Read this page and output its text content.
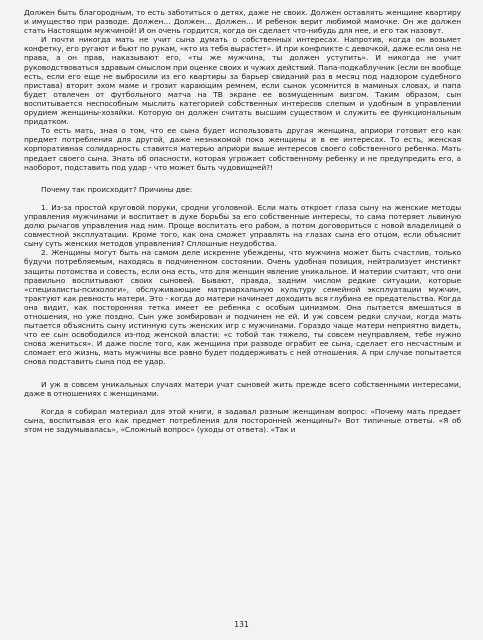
Должен быть благородным, то есть заботиться о детях, даже не своих. Должен оставлять женщине квартиру и имущество при разводе. Должен… Должен… Должен… И ребенок верит любимой мамочке. Он же должен стать Настоящим мужчиной! И он очень гордится, когда он сделает что-нибудь для нее, и его так назовут.

И почти никогда мать не учит сына думать о собственных интересах. Напротив, когда он возьмет конфетку, его ругают и бьют по рукам, «кто из тебя вырастет». И при конфликте с девочкой, даже если она не права, а он прав, наказывают его, «ты же мужчина, ты должен уступить». И никогда не учит руководствоваться здравым смыслом при оценке своих и чужих действий. Папа-подкаблучник (если он вообще есть, если его еще не выбросили из его квартиры за барьер свиданий раз в месяц под надзором судебного пристава) вторит эхом маме и грозит карающим ремнем, если сынок усомнится в маминых словах, и папа будет отвлечен от футбольного матча на ТВ экране ее возмущенным визгом. Таким образом, сын воспитывается неспособным мыслить категорией собственных интересов слепым и удобным в управлении орудием женщины-хозяйки. Которую он должен считать высшим существом и служить ее функциональным придатком.

То есть мать, зная о том, что ее сына будет использовать другая женщина, априори готовит его как предмет потребления для другой, даже незнакомой пока женщины и в ее интересах. То есть, женская корпоративная солидарность ставится матерью априори выше интересов своего собственного ребенка. Мать предает своего сына. Знать об опасности, которая угрожает собственному ребенку и не предупредить его, а наоборот, подставить под удар - что может быть чудовищней?!

Почему так происходит? Причины две:

1. Из-за простой круговой поруки, сродни уголовной. Если мать откроет глаза сыну на женские методы управления мужчинами и воспитает в духе борьбы за его собственные интересы, то сама потеряет львиную долю рычагов управления над ним. Проще воспитать его рабом, а потом договориться с новой владелицей о совместной эксплуатации. Кроме того, как она сможет управлять на глазах сына его отцом, если объяснит сыну суть женских методов управления? Сплошные неудобства.

2. Женщины могут быть на самом деле искренне убеждены, что мужчина может быть счастлив, только будучи потребляемым, находясь в подчиненном состоянии. Очень удобная позиция, нейтрализует инстинкт защиты потомства и совесть, если она есть, что для женщин явление уникальное. И материи считают, что они правильно воспитывают своих сыновей. Бывают, правда, задним числом редкие ситуации, которые «специалисты-психологи», обслуживающие матриархальную культуру семейной эксплуатации мужчин, трактуют как ревность матери. Это - когда до матери начинает доходить вся глубина ее предательства. Когда она видит, как посторонняя тетка имеет ее ребенка с особым цинизмом. Она пытается вмешаться в отношения, но уже поздно. Сын уже зомбирован и подчинен не ей. И уж совсем редки случаи, когда мать пытается объяснить сыну истинную суть женских игр с мужчинами. Гораздо чаще матери неприятно видеть, что ее сын освободился из-под женской власти: «с тобой так тяжело, ты совсем неуправляем, тебе нужно снова жениться». И даже после того, как женщина при разводе ограбит ее сына, сделает его несчастным и сломает его жизнь, мать мужчины все равно будет поддерживать с ней отношения. А при случае попытается снова подставить сына под ее удар.

И уж в совсем уникальных случаях матери учат сыновей жить прежде всего собственными интересами, даже в отношениях с женщинами.

Когда я собирал материал для этой книги, я задавал разным женщинам вопрос: «Почему мать предает сына, воспитывая его как предмет потребления для посторонней женщины?» Вот типичные ответы. «Я об этом не задумывалась», «Сложный вопрос» (уходы от ответа). «Так и

131
